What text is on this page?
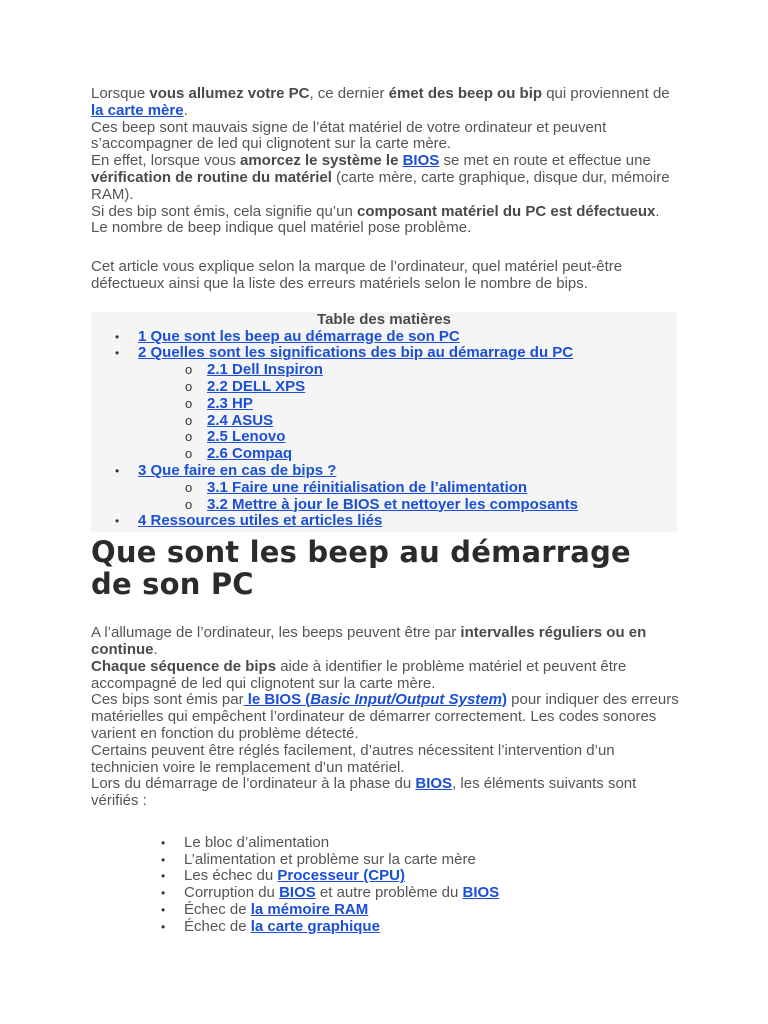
Lorsque vous allumez votre PC, ce dernier émet des beep ou bip qui proviennent de la carte mère.
Ces beep sont mauvais signe de l’état matériel de votre ordinateur et peuvent s’accompagner de led qui clignotent sur la carte mère.
En effet, lorsque vous amorcez le système le BIOS se met en route et effectue une vérification de routine du matériel (carte mère, carte graphique, disque dur, mémoire RAM).
Si des bip sont émis, cela signifie qu’un composant matériel du PC est défectueux.
Le nombre de beep indique quel matériel pose problème.

Cet article vous explique selon la marque de l’ordinateur, quel matériel peut-être défectueux ainsi que la liste des erreurs matériels selon le nombre de bips.

Table des matières
• 1 Que sont les beep au démarrage de son PC
• 2 Quelles sont les significations des bip au démarrage du PC
o 2.1 Dell Inspiron
o 2.2 DELL XPS
o 2.3 HP
o 2.4 ASUS
o 2.5 Lenovo
o 2.6 Compaq
• 3 Que faire en cas de bips ?
o 3.1 Faire une réinitialisation de l’alimentation
o 3.2 Mettre à jour le BIOS et nettoyer les composants
• 4 Ressources utiles et articles liés
Que sont les beep au démarrage de son PC

A l’allumage de l’ordinateur, les beeps peuvent être par intervalles réguliers ou en continue.
Chaque séquence de bips aide à identifier le problème matériel et peuvent être accompagné de led qui clignotent sur la carte mère.
Ces bips sont émis par le BIOS (Basic Input/Output System) pour indiquer des erreurs matérielles qui empêchent l’ordinateur de démarrer correctement. Les codes sonores varient en fonction du problème détecté.
Certains peuvent être réglés facilement, d’autres nécessitent l’intervention d’un technicien voire le remplacement d’un matériel.
Lors du démarrage de l’ordinateur à la phase du BIOS, les éléments suivants sont vérifiés :

• Le bloc d’alimentation
• L’alimentation et problème sur la carte mère
• Les échec du Processeur (CPU)
• Corruption du BIOS et autre problème du BIOS
• Échec de la mémoire RAM
• Échec de la carte graphique
